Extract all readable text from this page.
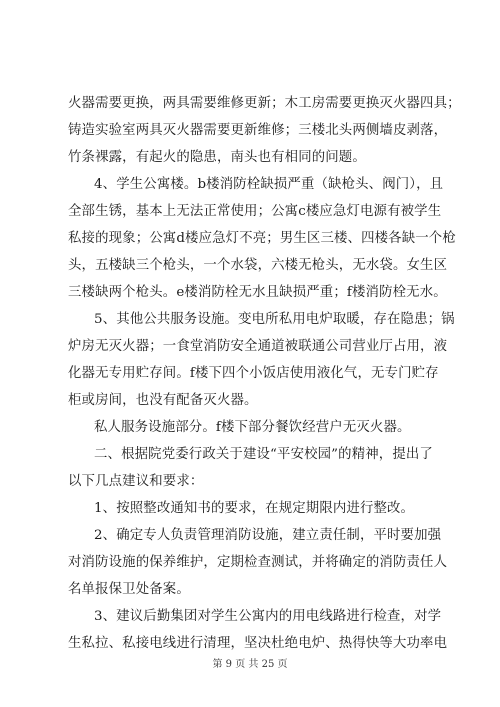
火器需要更换，两具需要维修更新；木工房需要更换灭火器四具；
铸造实验室两具灭火器需要更新维修；三楼北头两侧墙皮剥落，
竹条裸露，有起火的隐患，南头也有相同的问题。
4、学生公寓楼。b楼消防栓缺损严重（缺枪头、阀门），且
全部生锈，基本上无法正常使用；公寓c楼应急灯电源有被学生
私接的现象；公寓d楼应急灯不亮；男生区三楼、四楼各缺一个枪
头，五楼缺三个枪头，一个水袋，六楼无枪头，无水袋。女生区
三楼缺两个枪头。e楼消防栓无水且缺损严重；f楼消防栓无水。
5、其他公共服务设施。变电所私用电炉取暖，存在隐患；锅
炉房无灭火器；一食堂消防安全通道被联通公司营业厅占用，液
化器无专用贮存间。f楼下四个小饭店使用液化气，无专门贮存
柜或房间，也没有配备灭火器。
私人服务设施部分。f楼下部分餐饮经营户无灭火器。
二、根据院党委行政关于建设“平安校园”的精神，提出了
以下几点建议和要求：
1、按照整改通知书的要求，在规定期限内进行整改。
2、确定专人负责管理消防设施，建立责任制，平时要加强
对消防设施的保养维护，定期检查测试，并将确定的消防责任人
名单报保卫处备案。
3、建议后勤集团对学生公寓内的用电线路进行检查，对学
生私拉、私接电线进行清理，坚决杜绝电炉、热得快等大功率电
第 9 页 共 25 页
